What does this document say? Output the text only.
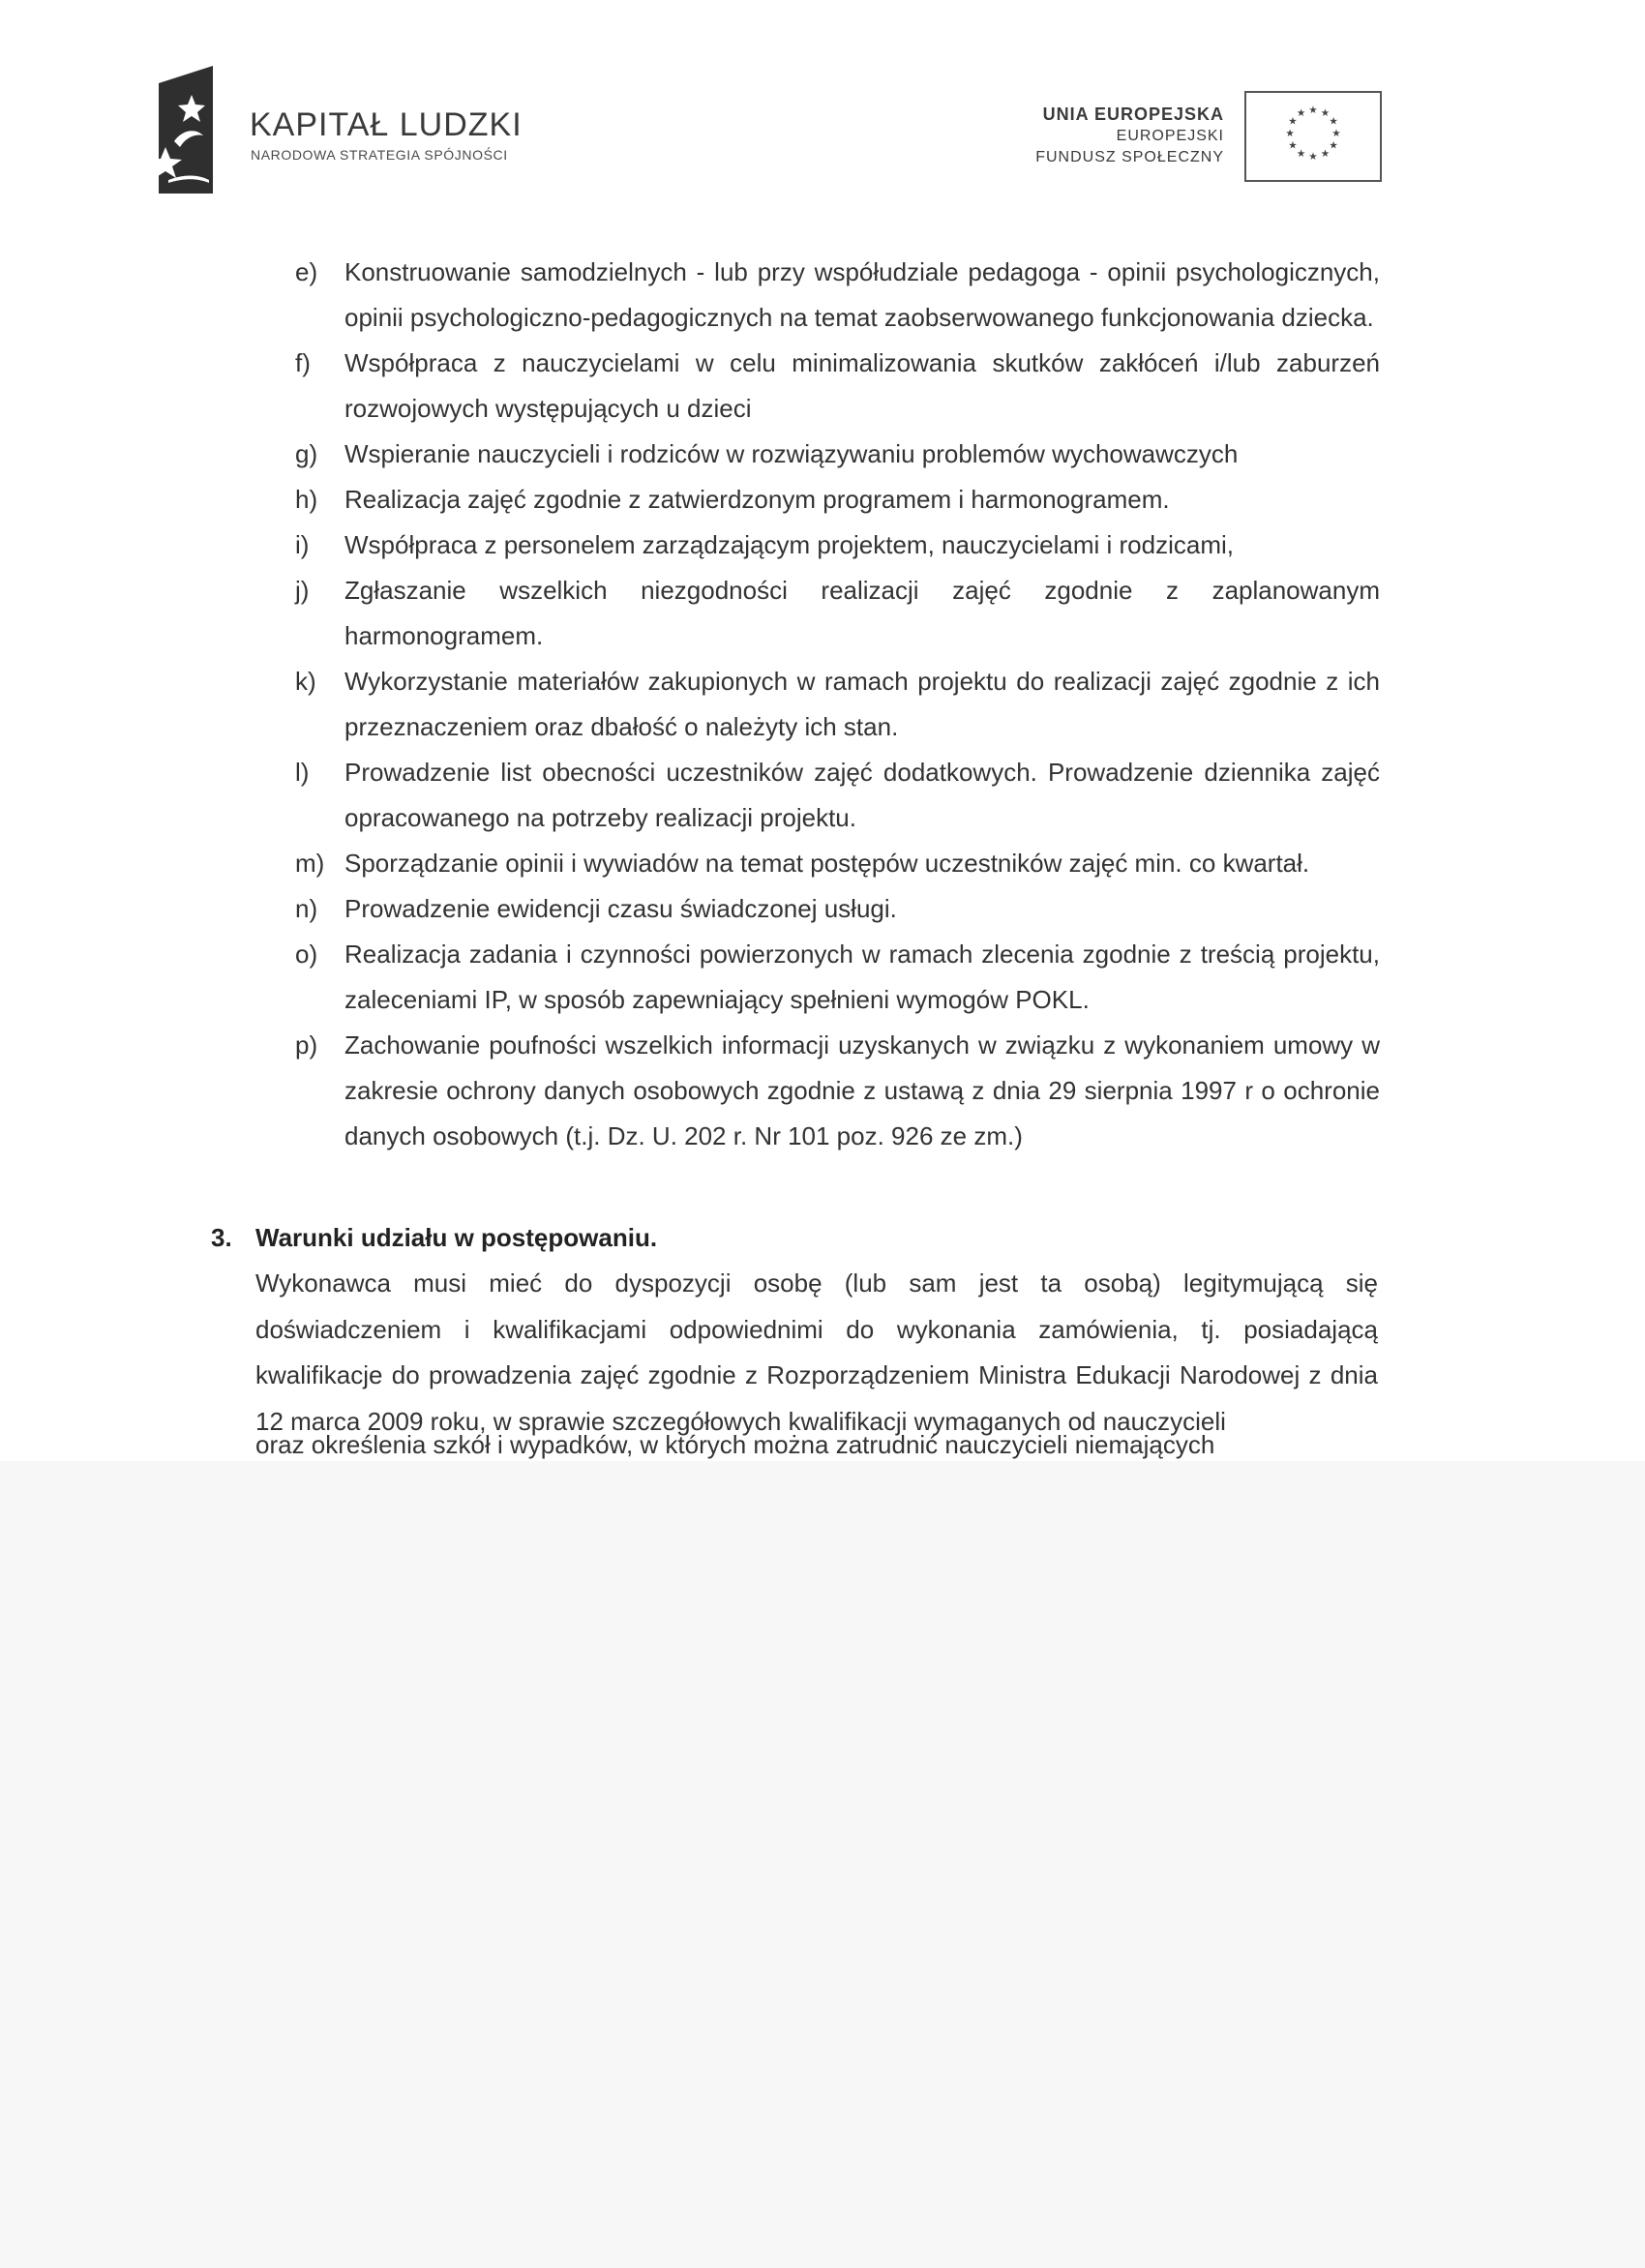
KAPITAŁ LUDZKI
NARODOWA STRATEGIA SPÓJNOŚCI
UNIA EUROPEJSKA
EUROPEJSKI
FUNDUSZ SPOŁECZNY
★ ★
★
★
★
★
★
★
★
★
★
★
e) Konstruowanie samodzielnych - lub przy współudziale pedagoga - opinii psychologicznych, opinii psychologiczno-pedagogicznych na temat zaobserwowanego funkcjonowania dziecka.
f) Współpraca z nauczycielami w celu minimalizowania skutków zakłóceń i/lub zaburzeń rozwojowych występujących u dzieci
g) Wspieranie nauczycieli i rodziców w rozwiązywaniu problemów wychowawczych
h) Realizacja zajęć zgodnie z zatwierdzonym programem i harmonogramem.
i) Współpraca z personelem zarządzającym projektem, nauczycielami i rodzicami,
j) Zgłaszanie wszelkich niezgodności realizacji zajęć zgodnie z zaplanowanym harmonogramem.
k) Wykorzystanie materiałów zakupionych w ramach projektu do realizacji zajęć zgodnie z ich przeznaczeniem oraz dbałość o należyty ich stan.
l) Prowadzenie list obecności uczestników zajęć dodatkowych. Prowadzenie dziennika zajęć opracowanego na potrzeby realizacji projektu.
m) Sporządzanie opinii i wywiadów na temat postępów uczestników zajęć min. co kwartał.
n) Prowadzenie ewidencji czasu świadczonej usługi.
o) Realizacja zadania i czynności powierzonych w ramach zlecenia zgodnie z treścią projektu, zaleceniami IP, w sposób zapewniający spełnieni wymogów POKL.
p) Zachowanie poufności wszelkich informacji uzyskanych w związku z wykonaniem umowy w zakresie ochrony danych osobowych zgodnie z ustawą z dnia 29 sierpnia 1997 r o ochronie danych osobowych (t.j. Dz. U. 202 r. Nr 101 poz. 926 ze zm.)
3. Warunki udziału w postępowaniu.
Wykonawca musi mieć do dyspozycji osobę (lub sam jest ta osobą) legitymującą się doświadczeniem i kwalifikacjami odpowiednimi do wykonania zamówienia, tj. posiadającą kwalifikacje do prowadzenia zajęć zgodnie z Rozporządzeniem Ministra Edukacji Narodowej z dnia 12 marca 2009 roku, w sprawie szczegółowych kwalifikacji wymaganych od nauczycieli
oraz określenia szkół i wypadków, w których można zatrudnić nauczycieli niemających
